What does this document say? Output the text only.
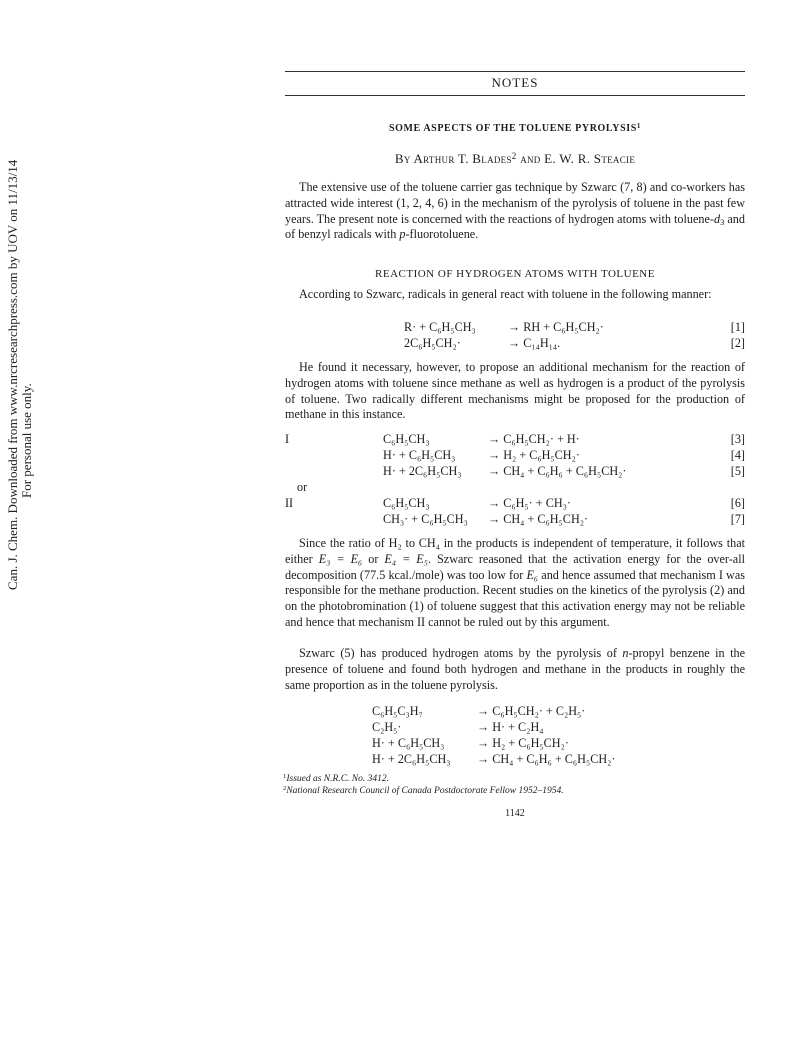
Can. J. Chem. Downloaded from www.nrcresearchpress.com by UOV on 11/13/14 For personal use only.
NOTES
SOME ASPECTS OF THE TOLUENE PYROLYSIS$^1$
By Arthur T. Blades$^2$ and E. W. R. Steacie

The extensive use of the toluene carrier gas technique by Szwarc (7, 8) and co-workers has attracted wide interest (1, 2, 4, 6) in the mechanism of the pyrolysis of toluene in the past few years. The present note is concerned with the reactions of hydrogen atoms with toluene-$d_3$ and of benzyl radicals with p-fluorotoluene.

REACTION OF HYDROGEN ATOMS WITH TOLUENE

According to Szwarc, radicals in general react with toluene in the following manner:

R· + C₆H₅CH₃	→ RH + C₆H₅CH₂·	[1]
2C₆H₅CH₂·	→ C₁₄H₁₄.	[2]

He found it necessary, however, to propose an additional mechanism for the reaction of hydrogen atoms with toluene since methane as well as hydrogen is a product of the pyrolysis of toluene. Two radically different mechanisms might be proposed for the production of methane in this instance.

I	C₆H₅CH₃	→ C₆H₅CH₂· + H·	[3]
H· + C₆H₅CH₃	→ H₂ + C₆H₅CH₂·	[4]
H· + 2C₆H₅CH₃ → CH₄ + C₆H₆ + C₆H₅CH₂·	[5]
or
II	C₆H₅CH₃	→ C₆H₅· + CH₃·	[6]
CH₃· + C₆H₅CH₃ → CH₄ + C₆H₅CH₂·	[7]

Since the ratio of H₂ to CH₄ in the products is independent of temperature, it follows that either E₃ = E₆ or E₄ = E₅. Szwarc reasoned that the activation energy for the over-all decomposition (77.5 kcal./mole) was too low for E₆ and hence assumed that mechanism I was responsible for the methane production. Recent studies on the kinetics of the pyrolysis (2) and on the photobromination (1) of toluene suggest that this activation energy may not be reliable and hence that mechanism II cannot be ruled out by this argument.

Szwarc (5) has produced hydrogen atoms by the pyrolysis of n-propyl benzene in the presence of toluene and found both hydrogen and methane in the products in roughly the same proportion as in the toluene pyrolysis.

C₆H₅C₃H₇	→ C₆H₅CH₂· + C₂H₅·
C₂H₅·	→ H· + C₂H₄
H· + C₆H₅CH₃	→ H₂ + C₆H₅CH₂·
H· + 2C₆H₅CH₃ → CH₄ + C₆H₆ + C₆H₅CH₂·
$^1$Issued as N.R.C. No. 3412.
$^2$National Research Council of Canada Postdoctorate Fellow 1952–1954.
1142
